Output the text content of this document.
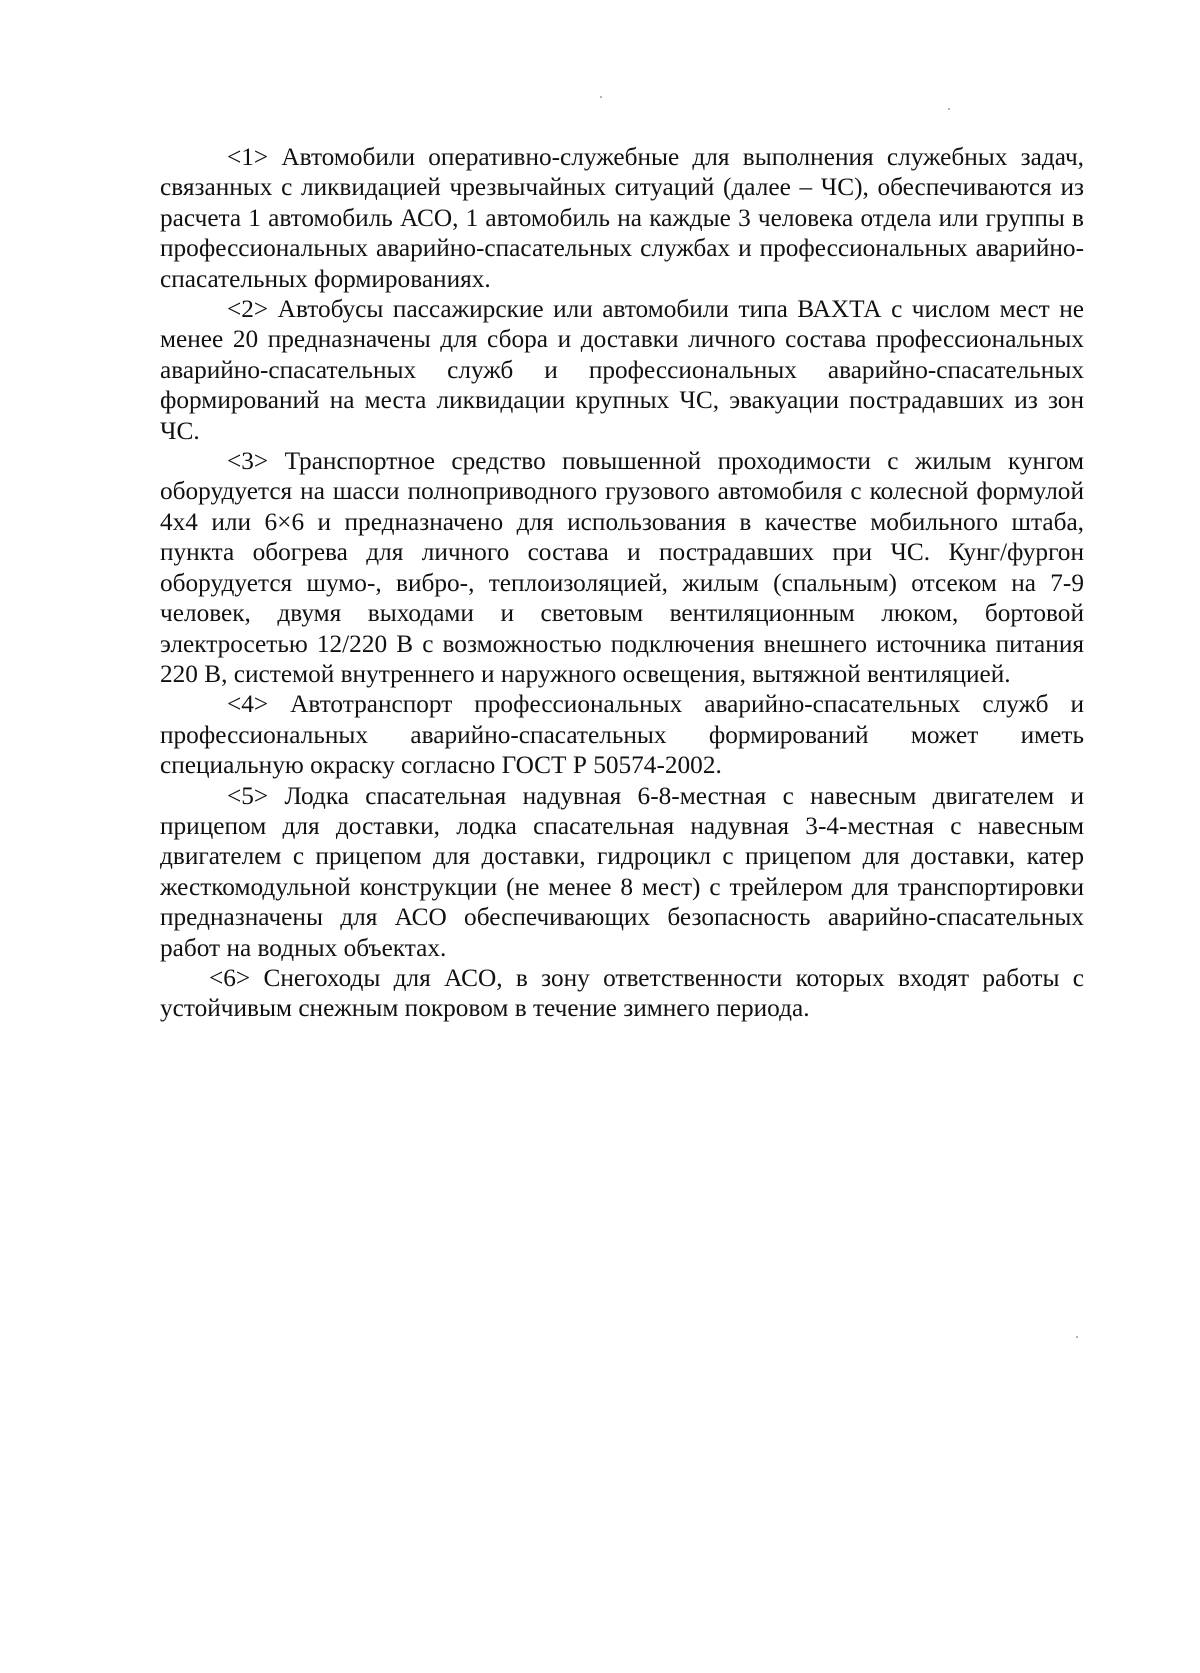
<1> Автомобили оперативно-служебные для выполнения служебных задач, связанных с ликвидацией чрезвычайных ситуаций (далее – ЧС), обеспечиваются из расчета 1 автомобиль АСО, 1 автомобиль на каждые 3 человека отдела или группы в профессиональных аварийно-спасательных службах и профессиональных аварийно-спасательных формированиях.

<2> Автобусы пассажирские или автомобили типа ВАХТА с числом мест не менее 20 предназначены для сбора и доставки личного состава профессиональных аварийно-спасательных служб и профессиональных аварийно-спасательных формирований на места ликвидации крупных ЧС, эвакуации пострадавших из зон ЧС.

<3> Транспортное средство повышенной проходимости с жилым кунгом оборудуется на шасси полноприводного грузового автомобиля с колесной формулой 4х4 или 6×6 и предназначено для использования в качестве мобильного штаба, пункта обогрева для личного состава и пострадавших при ЧС. Кунг/фургон оборудуется шумо-, вибро-, теплоизоляцией, жилым (спальным) отсеком на 7-9 человек, двумя выходами и световым вентиляционным люком, бортовой электросетью 12/220 В с возможностью подключения внешнего источника питания 220 В, системой внутреннего и наружного освещения, вытяжной вентиляцией.

<4> Автотранспорт профессиональных аварийно-спасательных служб и профессиональных аварийно-спасательных формирований может иметь специальную окраску согласно ГОСТ Р 50574-2002.

<5> Лодка спасательная надувная 6-8-местная с навесным двигателем и прицепом для доставки, лодка спасательная надувная 3-4-местная с навесным двигателем с прицепом для доставки, гидроцикл с прицепом для доставки, катер жесткомодульной конструкции (не менее 8 мест) с трейлером для транспортировки предназначены для АСО обеспечивающих безопасность аварийно-спасательных работ на водных объектах.

<6> Снегоходы для АСО, в зону ответственности которых входят работы с устойчивым снежным покровом в течение зимнего периода.
